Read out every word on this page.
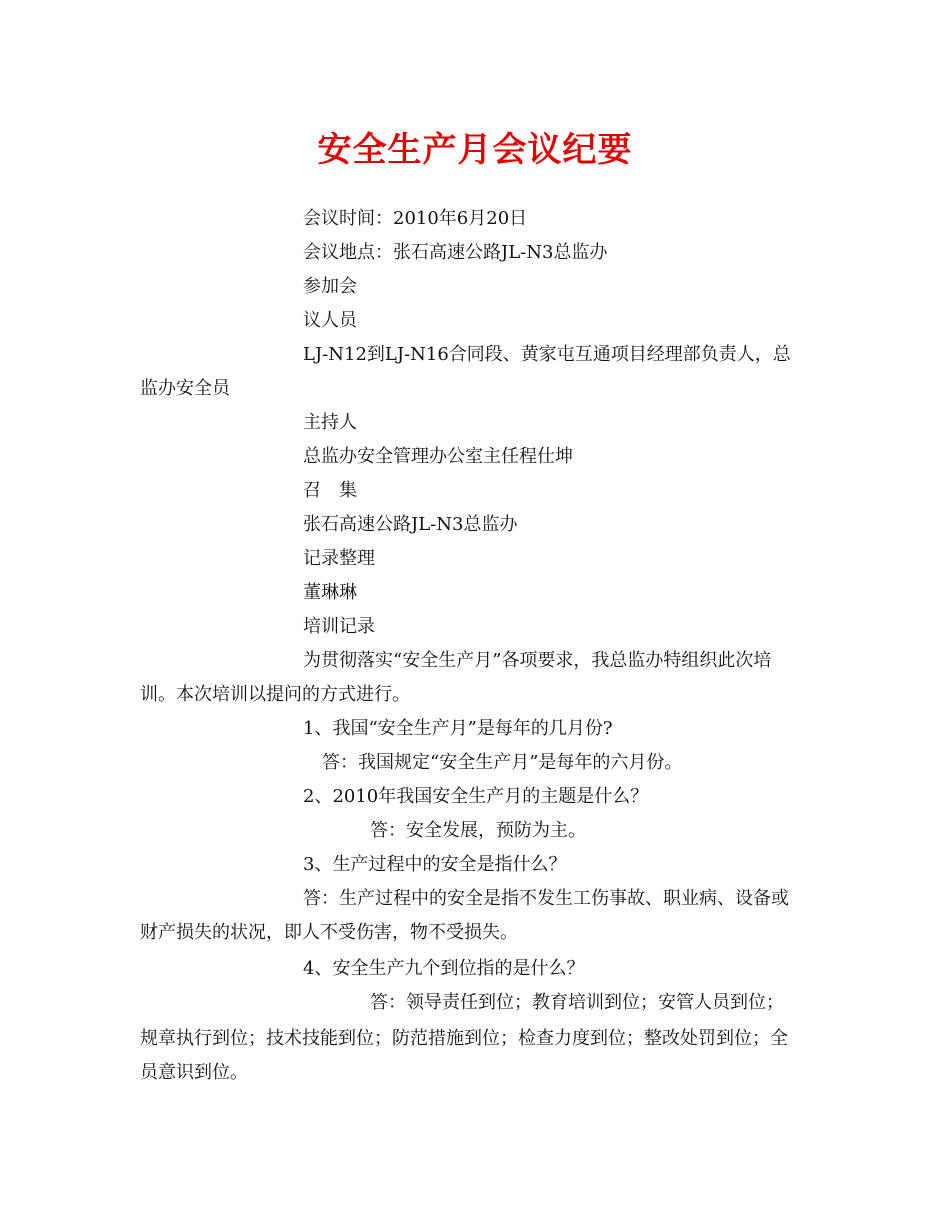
安全生产月会议纪要
会议时间：2010年6月20日
会议地点：张石高速公路JL-N3总监办
参加会
议人员
LJ-N12到LJ-N16合同段、黄家屯互通项目经理部负责人，总
监办安全员
主持人
总监办安全管理办公室主任程仕坤
召　集
张石高速公路JL-N3总监办
记录整理
董琳琳
培训记录
为贯彻落实“安全生产月”各项要求，我总监办特组织此次培
训。本次培训以提问的方式进行。
1、我国“安全生产月”是每年的几月份?
答：我国规定“安全生产月”是每年的六月份。
2、2010年我国安全生产月的主题是什么？
答：安全发展，预防为主。
3、生产过程中的安全是指什么？
答：生产过程中的安全是指不发生工伤事故、职业病、设备或
财产损失的状况，即人不受伤害，物不受损失。
4、安全生产九个到位指的是什么？
答：领导责任到位；教育培训到位；安管人员到位；
规章执行到位；技术技能到位；防范措施到位；检查力度到位；整改处罚到位；全
员意识到位。
